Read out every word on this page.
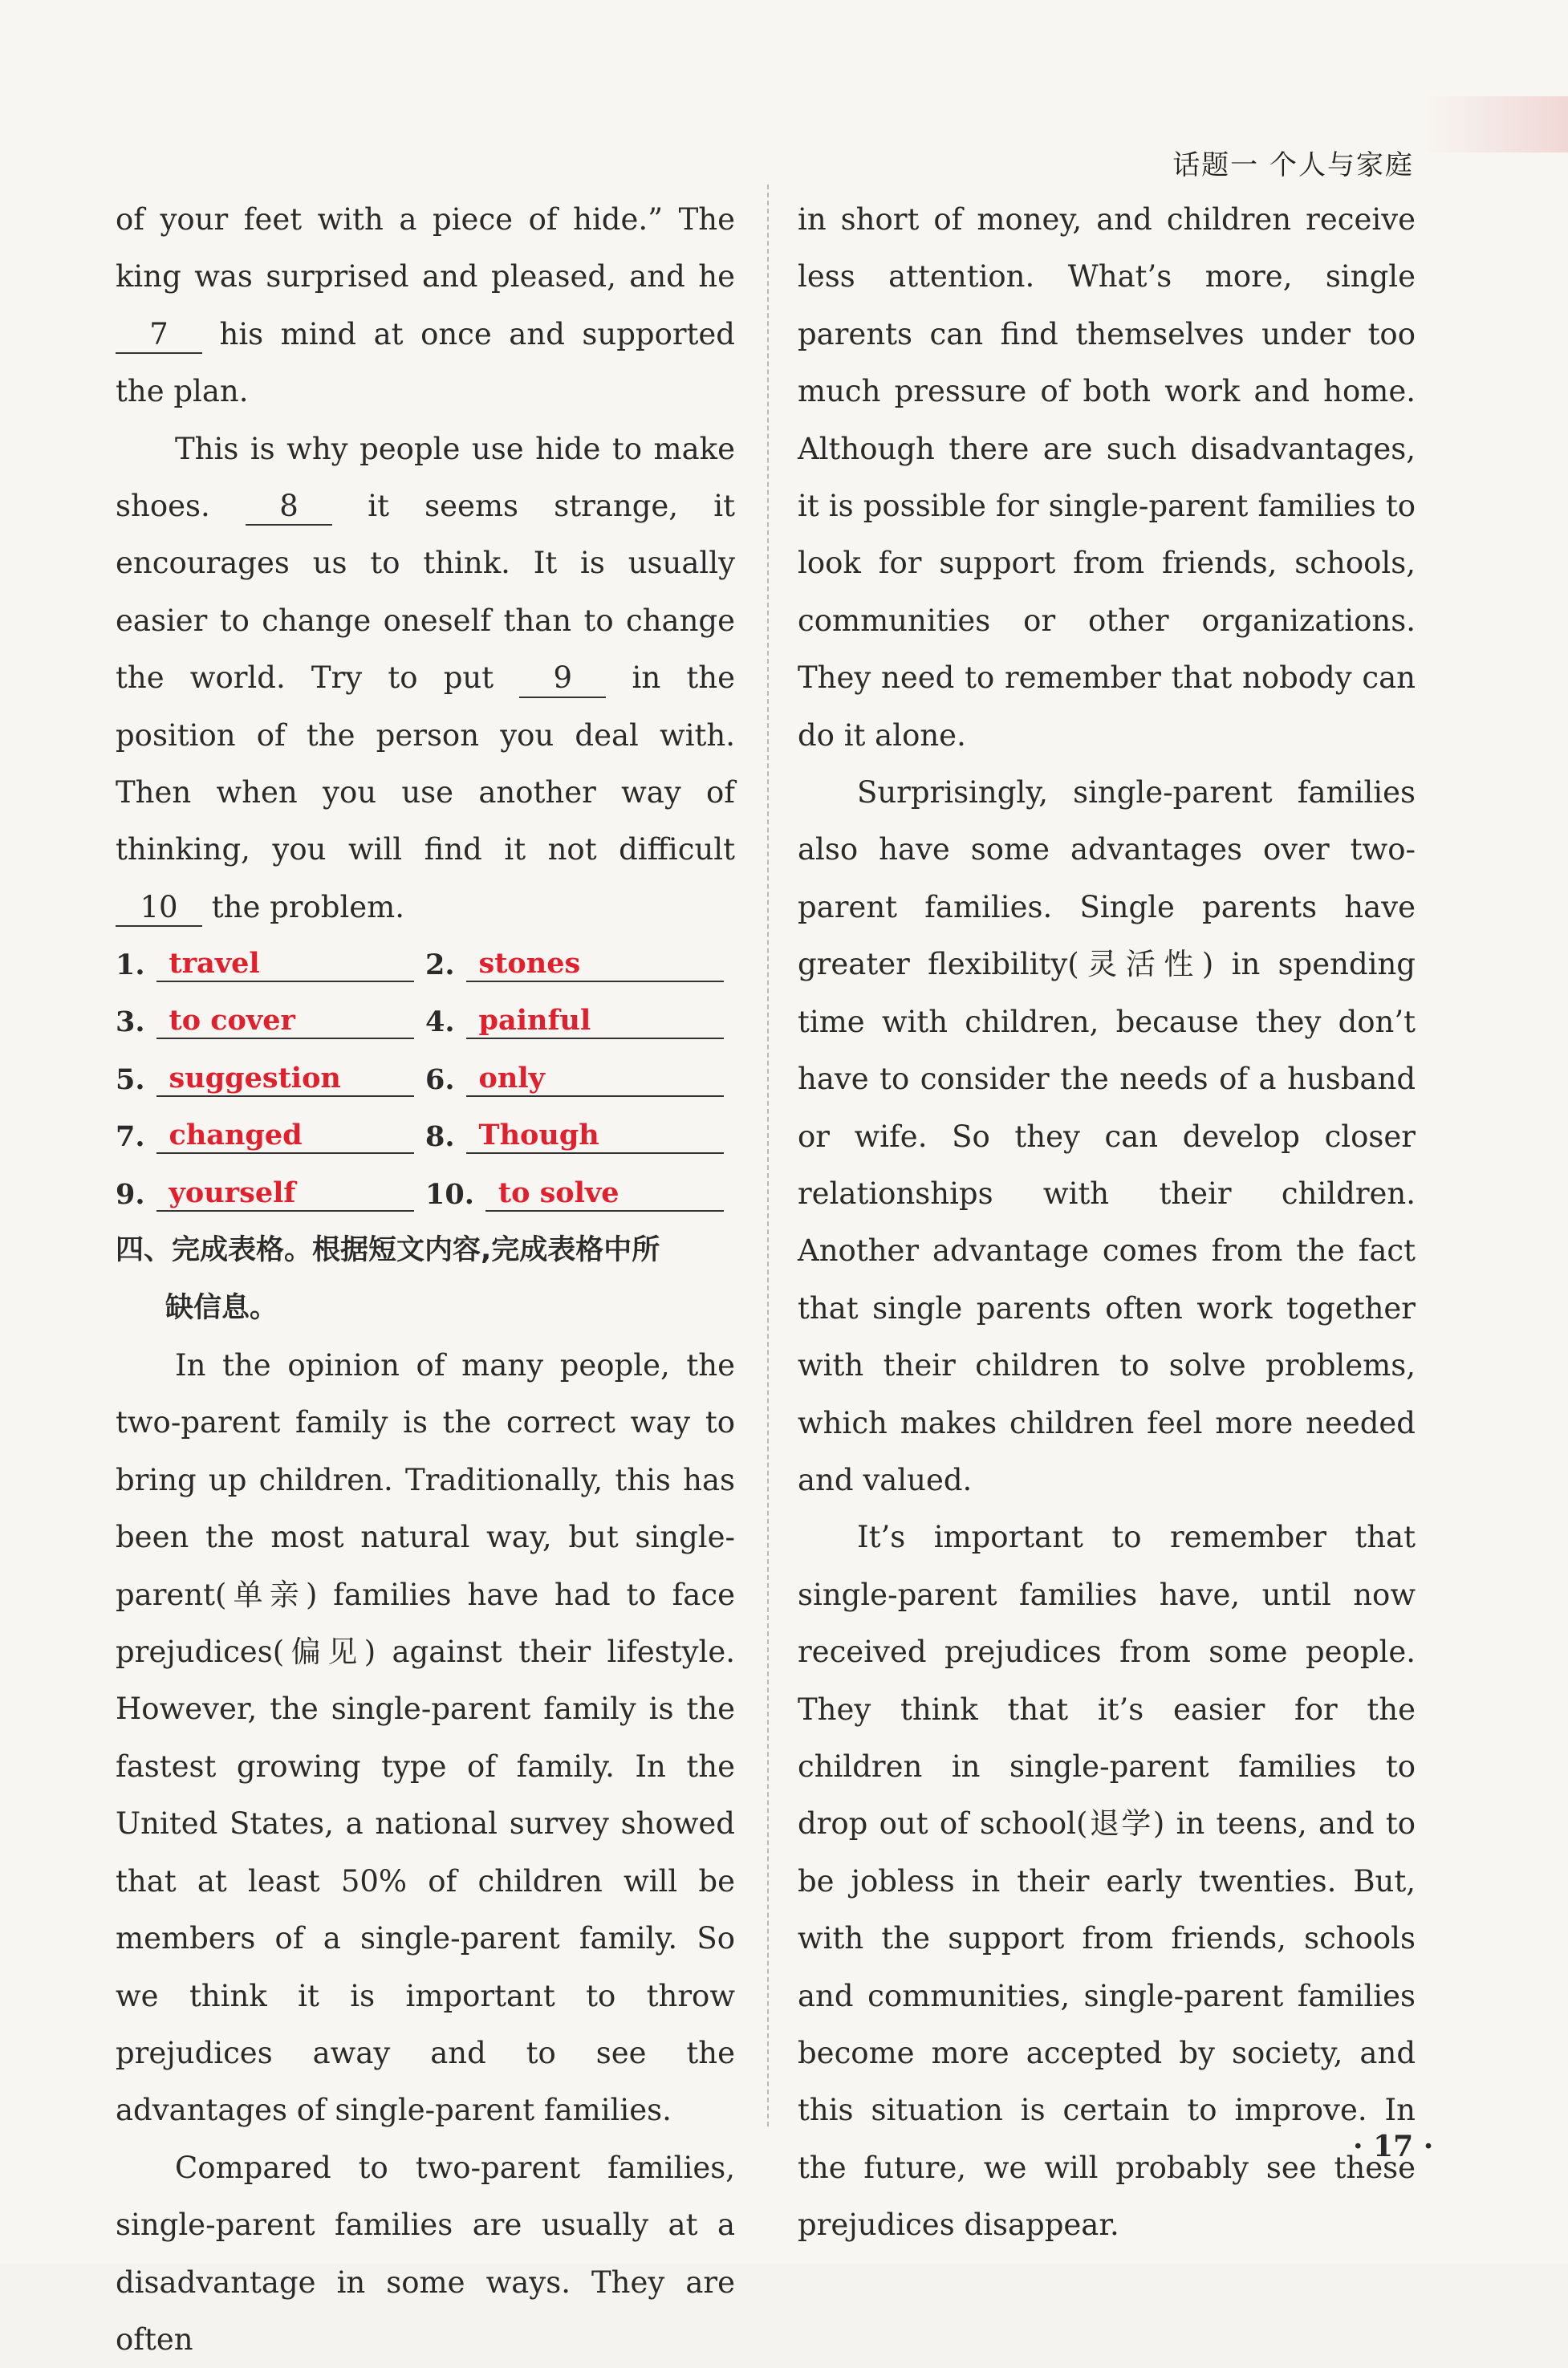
话题一 个人与家庭

of your feet with a piece of hide.” The king was surprised and pleased, and he 7 his mind at once and supported the plan.

This is why people use hide to make shoes. 8 it seems strange, it encourages us to think. It is usually easier to change oneself than to change the world. Try to put 9 in the position of the person you deal with. Then when you use another way of thinking, you will find it not difficult 10 the problem.

1. travel	2. stones
3. to cover	4. painful
5. suggestion	6. only
7. changed	8. Though
9. yourself	10. to solve
四、完成表格。根据短文内容,完成表格中所
缺信息。

In the opinion of many people, the two-parent family is the correct way to bring up children. Traditionally, this has been the most natural way, but single-parent(单亲) families have had to face prejudices(偏见) against their lifestyle. However, the single-parent family is the fastest growing type of family. In the United States, a national survey showed that at least 50% of children will be members of a single-parent family. So we think it is important to throw prejudices away and to see the advantages of single-parent families.

Compared to two-parent families, single-parent families are usually at a disadvantage in some ways. They are often

in short of money, and children receive less attention. What’s more, single parents can find themselves under too much pressure of both work and home. Although there are such disadvantages, it is possible for single-parent families to look for support from friends, schools, communities or other organizations. They need to remember that nobody can do it alone.

Surprisingly, single-parent families also have some advantages over two-parent families. Single parents have greater flexibility(灵活性) in spending time with children, because they don’t have to consider the needs of a husband or wife. So they can develop closer relationships with their children. Another advantage comes from the fact that single parents often work together with their children to solve problems, which makes children feel more needed and valued.

It’s important to remember that single-parent families have, until now received prejudices from some people. They think that it’s easier for the children in single-parent families to drop out of school(退学) in teens, and to be jobless in their early twenties. But, with the support from friends, schools and communities, single-parent families become more accepted by society, and this situation is certain to improve. In the future, we will probably see these prejudices disappear.

· 17 ·
